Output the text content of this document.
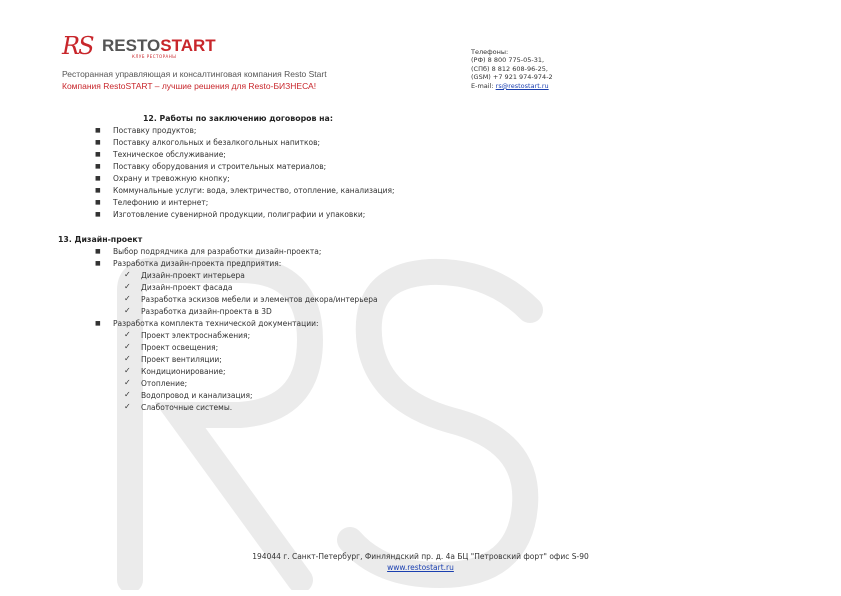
RS RESTOSTART
КЛУБ РЕСТОРАНЫ
Ресторанная управляющая и консалтинговая компания Resto Start
Компания RestoSTART – лучшие решения для Resto-БИЗНЕСА!
Телефоны:
(РФ) 8 800 775-05-31,
(СПб) 8 812 608-96-25,
(GSM) +7 921 974-974-2
E-mail: rs@restostart.ru
12. Работы по заключению договоров на:
■ Поставку продуктов;
■ Поставку алкогольных и безалкогольных напитков;
■ Техническое обслуживание;
■ Поставку оборудования и строительных материалов;
■ Охрану и тревожную кнопку;
■ Коммунальные услуги: вода, электричество, отопление, канализация;
■ Телефонию и интернет;
■ Изготовление сувенирной продукции, полиграфии и упаковки;
13. Дизайн-проект
■ Выбор подрядчика для разработки дизайн-проекта;
■ Разработка дизайн-проекта предприятия:
✓ Дизайн-проект интерьера
✓ Дизайн-проект фасада
✓ Разработка эскизов мебели и элементов декора/интерьера
✓ Разработка дизайн-проекта в 3D
■ Разработка комплекта технической документации:
✓ Проект электроснабжения;
✓ Проект освещения;
✓ Проект вентиляции;
✓ Кондиционирование;
✓ Отопление;
✓ Водопровод и канализация;
✓ Слаботочные системы.
194044 г. Санкт-Петербург, Финляндский пр. д. 4а БЦ "Петровский форт" офис S-90
www.restostart.ru
